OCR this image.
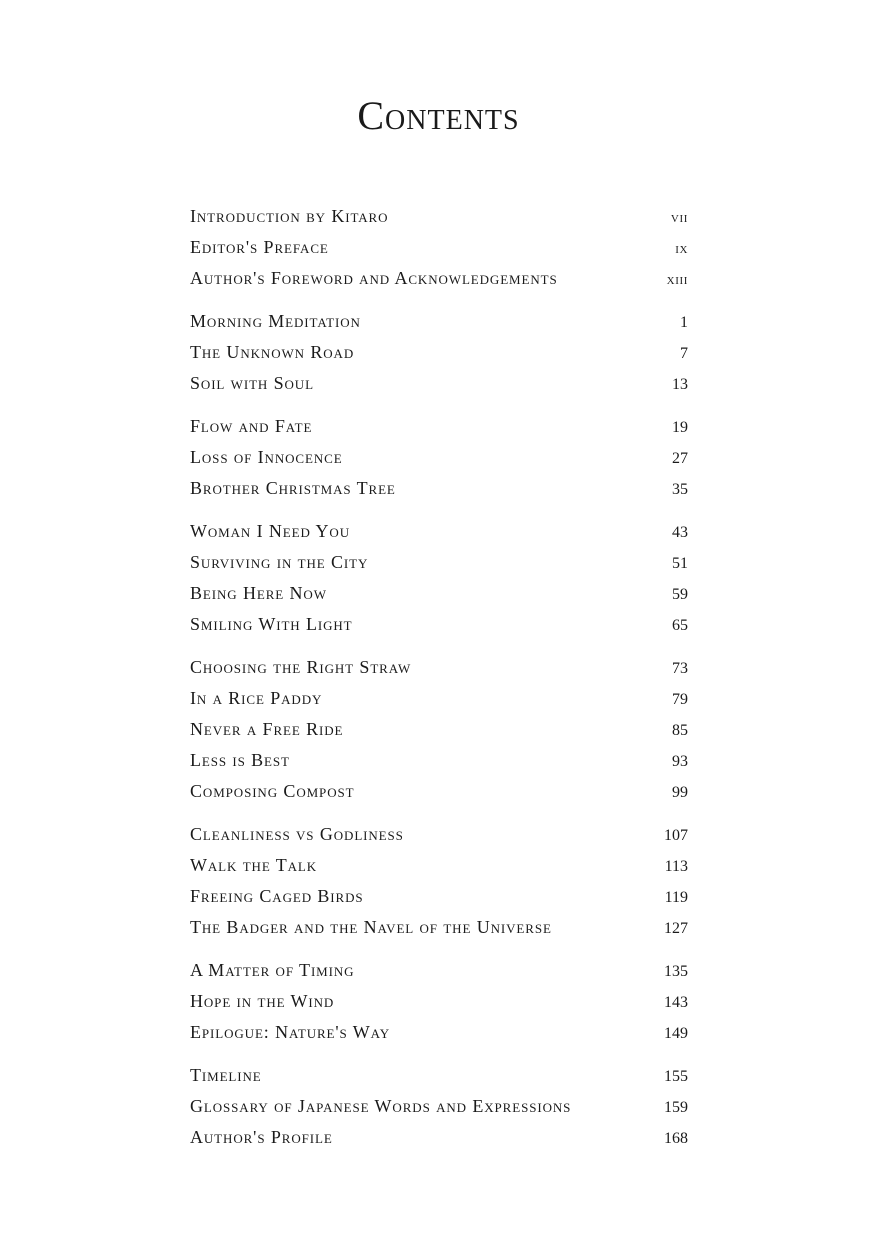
Contents
Introduction by Kitaro	vii
Editor's Preface	ix
Author's Foreword and Acknowledgements	xiii
Morning Meditation	1
The Unknown Road	7
Soil with Soul	13
Flow and Fate	19
Loss of Innocence	27
Brother Christmas Tree	35
Woman I Need You	43
Surviving in the City	51
Being Here Now	59
Smiling With Light	65
Choosing the Right Straw	73
In a Rice Paddy	79
Never a Free Ride	85
Less is Best	93
Composing Compost	99
Cleanliness vs Godliness	107
Walk the Talk	113
Freeing Caged Birds	119
The Badger and the Navel of the Universe	127
A Matter of Timing	135
Hope in the Wind	143
Epilogue: Nature's Way	149
Timeline	155
Glossary of Japanese Words and Expressions	159
Author's Profile	168
